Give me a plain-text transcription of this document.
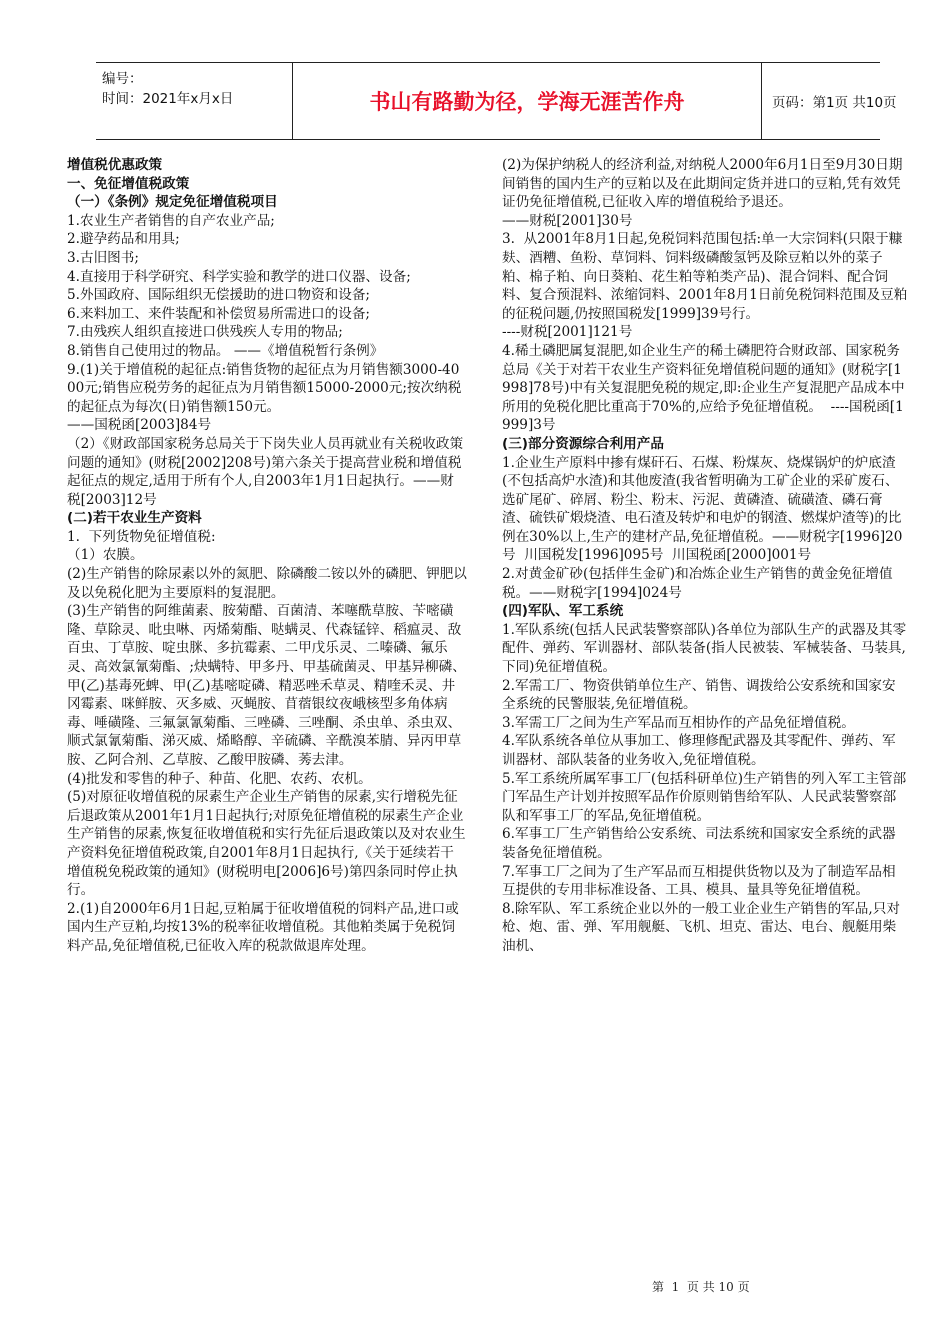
编号：
时间：2021年x月x日	书山有路勤为径，学海无涯苦作舟	页码：第1页 共10页

增值税优惠政策

一、免征增值税政策

（一）《条例》规定免征增值税项目

1.农业生产者销售的自产农业产品;

2.避孕药品和用具;

3.古旧图书;

4.直接用于科学研究、科学实验和教学的进口仪器、设备;

5.外国政府、国际组织无偿援助的进口物资和设备;

6.来料加工、来件装配和补偿贸易所需进口的设备;

7.由残疾人组织直接进口供残疾人专用的物品;

8.销售自己使用过的物品。 ——《增值税暂行条例》

9.(1)关于增值税的起征点:销售货物的起征点为月销售额3000-4000元;销售应税劳务的起征点为月销售额15000-2000元;按次纳税的起征点为每次(日)销售额150元。

——国税函[2003]84号

（2）《财政部国家税务总局关于下岗失业人员再就业有关税收政策问题的通知》(财税[2002]208号)第六条关于提高营业税和增值税起征点的规定,适用于所有个人,自2003年1月1日起执行。——财税[2003]12号

(二)若干农业生产资料

1.  下列货物免征增值税:

（1）农膜。

(2)生产销售的除尿素以外的氮肥、除磷酸二铵以外的磷肥、钾肥以及以免税化肥为主要原料的复混肥。

(3)生产销售的阿维菌素、胺菊醋、百菌清、苯噻酰草胺、苄嘧磺隆、草除灵、吡虫啉、丙烯菊酯、哒螨灵、代森锰锌、稻瘟灵、敌百虫、丁草胺、啶虫脒、多抗霉素、二甲戊乐灵、二嗪磷、氟乐灵、高效氯氰菊酯、;炔螨特、甲多丹、甲基硫菌灵、甲基异柳磷、甲(乙)基毒死蜱、甲(乙)基嘧啶磷、精恶唑禾草灵、精喹禾灵、井冈霉素、咪鲜胺、灭多威、灭蝇胺、苜蓿银纹夜峨核型多角体病毒、唾磺隆、三氟氯氰菊酯、三唑磷、三唑酮、杀虫单、杀虫双、顺式氯氰菊酯、涕灭威、烯略醇、辛硫磷、辛酰溴苯腈、异丙甲草胺、乙阿合剂、乙草胺、乙酸甲胺磷、莠去津。

(4)批发和零售的种子、种苗、化肥、农药、农机。

(5)对原征收增值税的尿素生产企业生产销售的尿素,实行增税先征后退政策从2001年1月1日起执行;对原免征增值税的尿素生产企业生产销售的尿素,恢复征收增值税和实行先征后退政策以及对农业生产资料免征增值税政策,自2001年8月1日起执行,《关于延续若干增值税免税政策的通知》(财税明电[2006]6号)第四条同时停止执行。

2.(1)自2000年6月1日起,豆粕属于征收增值税的饲料产品,进口或国内生产豆粕,均按13%的税率征收增值税。其他粕类属于免税饲料产品,免征增值税,已征收入库的税款做退库处理。

(2)为保护纳税人的经济利益,对纳税人2000年6月1日至9月30日期间销售的国内生产的豆粕以及在此期间定货并进口的豆粕,凭有效凭证仍免征增值税,已征收入库的增值税给予退还。

——财税[2001]30号

3.  从2001年8月1日起,免税饲料范围包括:单一大宗饲料(只限于糠麸、酒糟、鱼粉、草饲料、饲料级磷酸氢钙及除豆粕以外的菜子粕、棉子粕、向日葵粕、花生粕等粕类产品)、混合饲料、配合饲料、复合预混料、浓缩饲料、2001年8月1日前免税饲料范围及豆粕的征税问题,仍按照国税发[1999]39号行。

----财税[2001]121号

4.稀土磷肥属复混肥,如企业生产的稀土磷肥符合财政部、国家税务总局《关于对若干农业生产资料征免增值税问题的通知》(财税字[1998]78号)中有关复混肥免税的规定,即:企业生产复混肥产品成本中所用的免税化肥比重高于70%的,应给予免征增值税。  ----国税函[1999]3号

(三)部分资源综合利用产品

1.企业生产原料中掺有煤矸石、石煤、粉煤灰、烧煤锅炉的炉底渣(不包括高炉水渣)和其他废渣(我省暂明确为工矿企业的采矿废石、选矿尾矿、碎屑、粉尘、粉末、污泥、黄磷渣、硫磺渣、磷石膏渣、硫铁矿煅烧渣、电石渣及转炉和电炉的钢渣、燃煤炉渣等)的比例在30%以上,生产的建材产品,免征增值税。——财税字[1996]20号  川国税发[1996]095号  川国税函[2000]001号

2.对黄金矿砂(包括伴生金矿)和冶炼企业生产销售的黄金免征增值税。——财税字[1994]024号

(四)军队、军工系统

1.军队系统(包括人民武装警察部队)各单位为部队生产的武器及其零配件、弹药、军训器材、部队装备(指人民被装、军械装备、马装具,下同)免征增值税。

2.军需工厂、物资供销单位生产、销售、调拨给公安系统和国家安全系统的民警服装,免征增值税。

3.军需工厂之间为生产军品而互相协作的产品免征增值税。

4.军队系统各单位从事加工、修理修配武器及其零配件、弹药、军训器材、部队装备的业务收入,免征增值税。

5.军工系统所属军事工厂(包括科研单位)生产销售的列入军工主管部门军品生产计划并按照军品作价原则销售给军队、人民武装警察部队和军事工厂的军品,免征增值税。

6.军事工厂生产销售给公安系统、司法系统和国家安全系统的武器装备免征增值税。

7.军事工厂之间为了生产军品而互相提供货物以及为了制造军品相互提供的专用非标准设备、工具、模具、量具等免征增值税。

8.除军队、军工系统企业以外的一般工业企业生产销售的军品,只对枪、炮、雷、弹、军用舰艇、飞机、坦克、雷达、电台、舰艇用柴油机、

第  1  页 共 10 页
